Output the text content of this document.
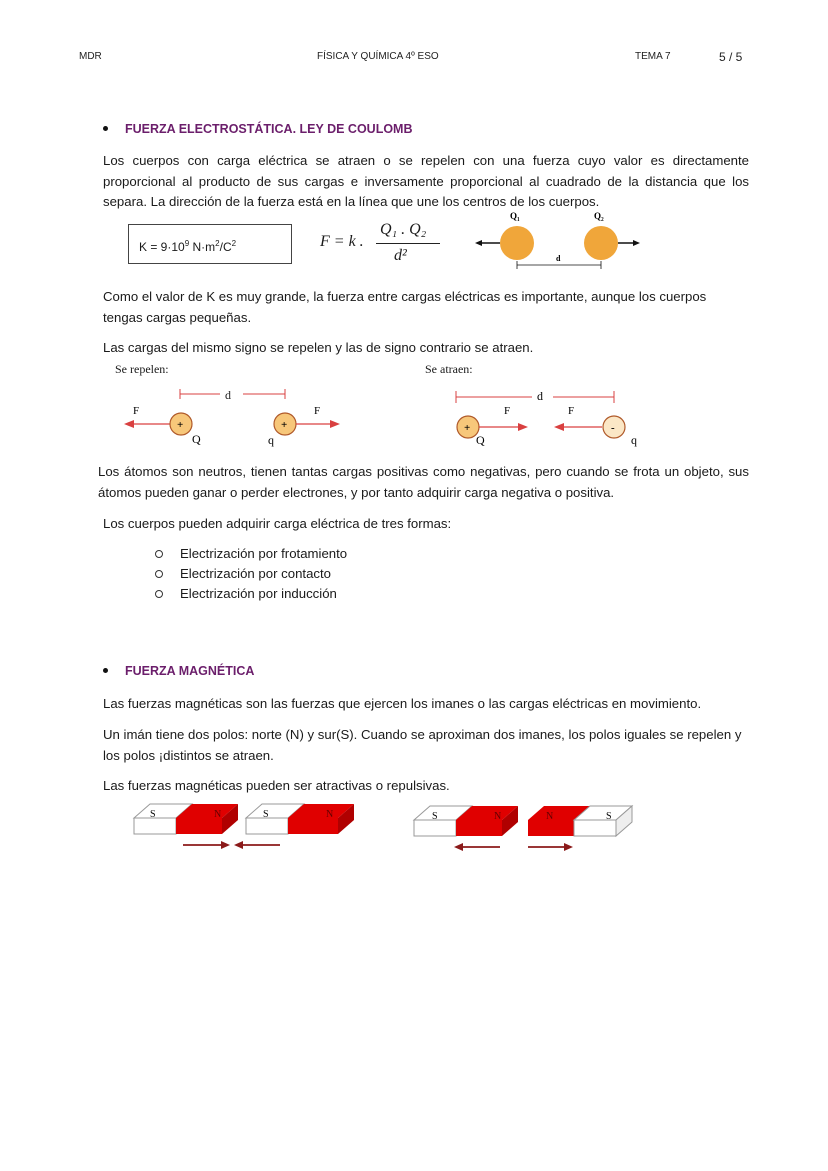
MDR	FÍSICA Y QUÍMICA 4º ESO	TEMA 7	5 / 5
FUERZA ELECTROSTÁTICA. LEY DE COULOMB
Los cuerpos con carga eléctrica se atraen o se repelen con una fuerza cuyo valor es directamente proporcional al producto de sus cargas e inversamente proporcional al cuadrado de la distancia que los separa. La dirección de la fuerza está en la línea que une los centros de los cuerpos.
$K = 9\cdot 10^9$ $N\cdot m^2/C^2$	F = k .
Q₁ . Q₂
d²
Q₁	Q₂
d
Como el valor de K es muy grande, la fuerza entre cargas eléctricas es importante, aunque los cuerpos tengas cargas pequeñas.
Las cargas del mismo signo se repelen y las de signo contrario se atraen.
Se repelen:
d
F	F
+	+
Q	q
Se atraen:
d
F	F
+	-
Q	q
Los átomos son neutros, tienen tantas cargas positivas como negativas, pero cuando se frota un objeto, sus átomos pueden ganar o perder electrones, y por tanto adquirir carga negativa o positiva.
Los cuerpos pueden adquirir carga eléctrica de tres formas:
Electrización por frotamiento
Electrización por contacto
Electrización por inducción
FUERZA MAGNÉTICA
Las fuerzas magnéticas son las fuerzas que ejercen los imanes o las cargas eléctricas en movimiento.
Un imán tiene dos polos: norte (N) y sur(S). Cuando se aproximan dos imanes, los polos iguales se repelen y los polos ¡distintos se atraen.
Las fuerzas magnéticas pueden ser atractivas o repulsivas.
S	N	S	N	S	N	N	S
